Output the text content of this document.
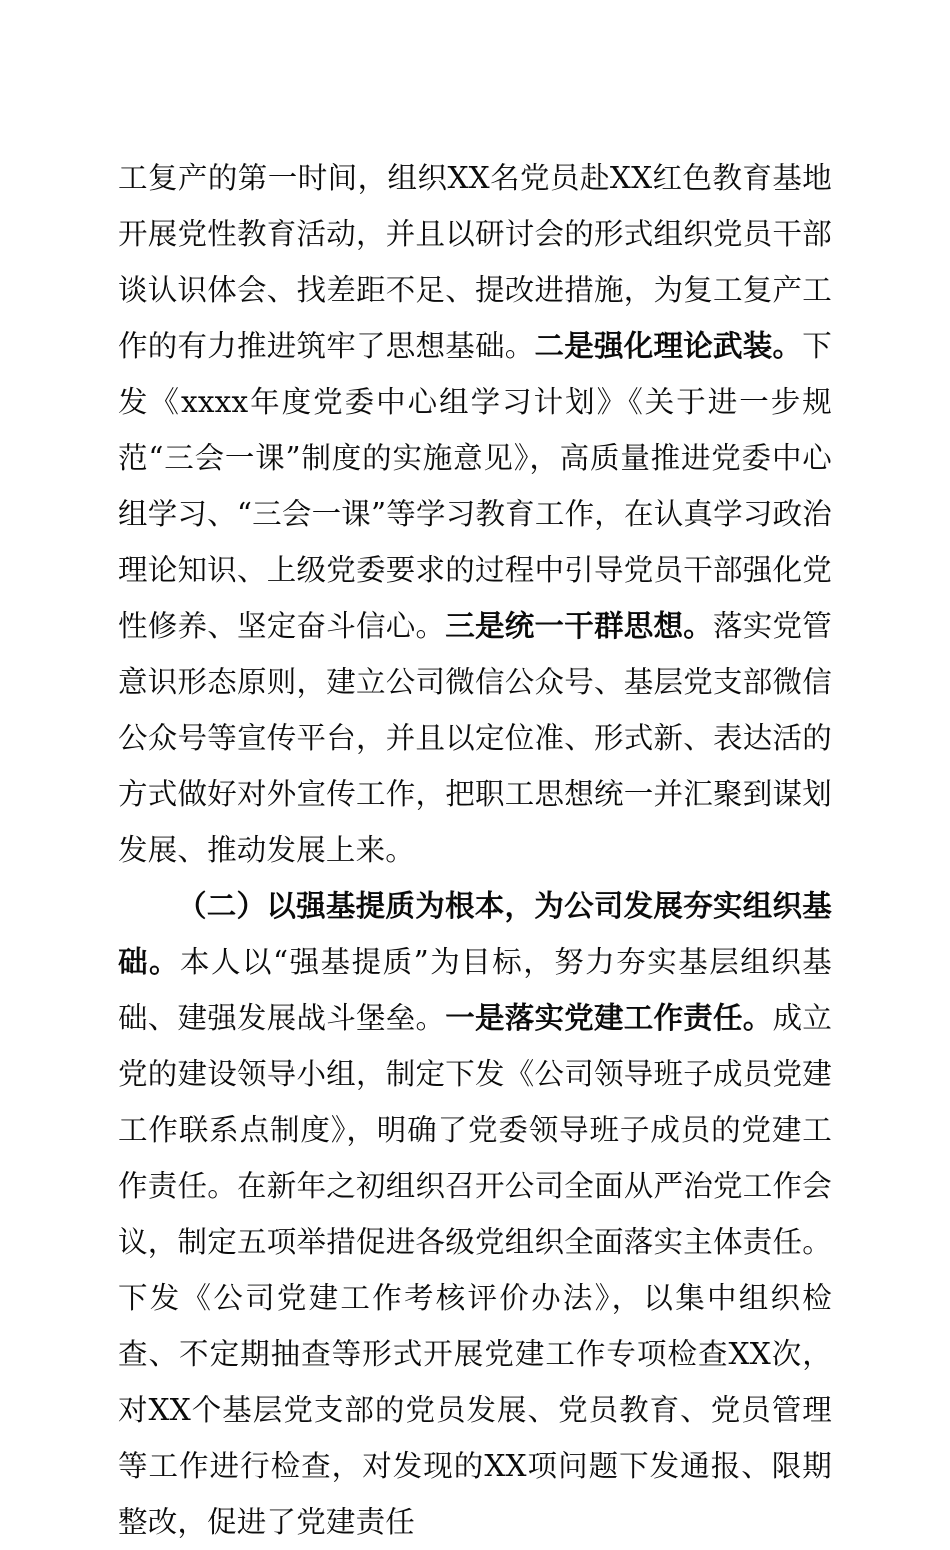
工复产的第一时间，组织XX名党员赴XX红色教育基地开展党性教育活动，并且以研讨会的形式组织党员干部谈认识体会、找差距不足、提改进措施，为复工复产工作的有力推进筑牢了思想基础。二是强化理论武装。下发《xxxx年度党委中心组学习计划》《关于进一步规范“三会一课”制度的实施意见》，高质量推进党委中心组学习、“三会一课”等学习教育工作，在认真学习政治理论知识、上级党委要求的过程中引导党员干部强化党性修养、坚定奋斗信心。三是统一干群思想。落实党管意识形态原则，建立公司微信公众号、基层党支部微信公众号等宣传平台，并且以定位准、形式新、表达活的方式做好对外宣传工作，把职工思想统一并汇聚到谋划发展、推动发展上来。

（二）以强基提质为根本，为公司发展夯实组织基础。本人以“强基提质”为目标，努力夯实基层组织基础、建强发展战斗堡垒。一是落实党建工作责任。成立党的建设领导小组，制定下发《公司领导班子成员党建工作联系点制度》，明确了党委领导班子成员的党建工作责任。在新年之初组织召开公司全面从严治党工作会议，制定五项举措促进各级党组织全面落实主体责任。下发《公司党建工作考核评价办法》，以集中组织检查、不定期抽查等形式开展党建工作专项检查XX次，对XX个基层党支部的党员发展、党员教育、党员管理等工作进行检查，对发现的XX项问题下发通报、限期整改，促进了党建责任
